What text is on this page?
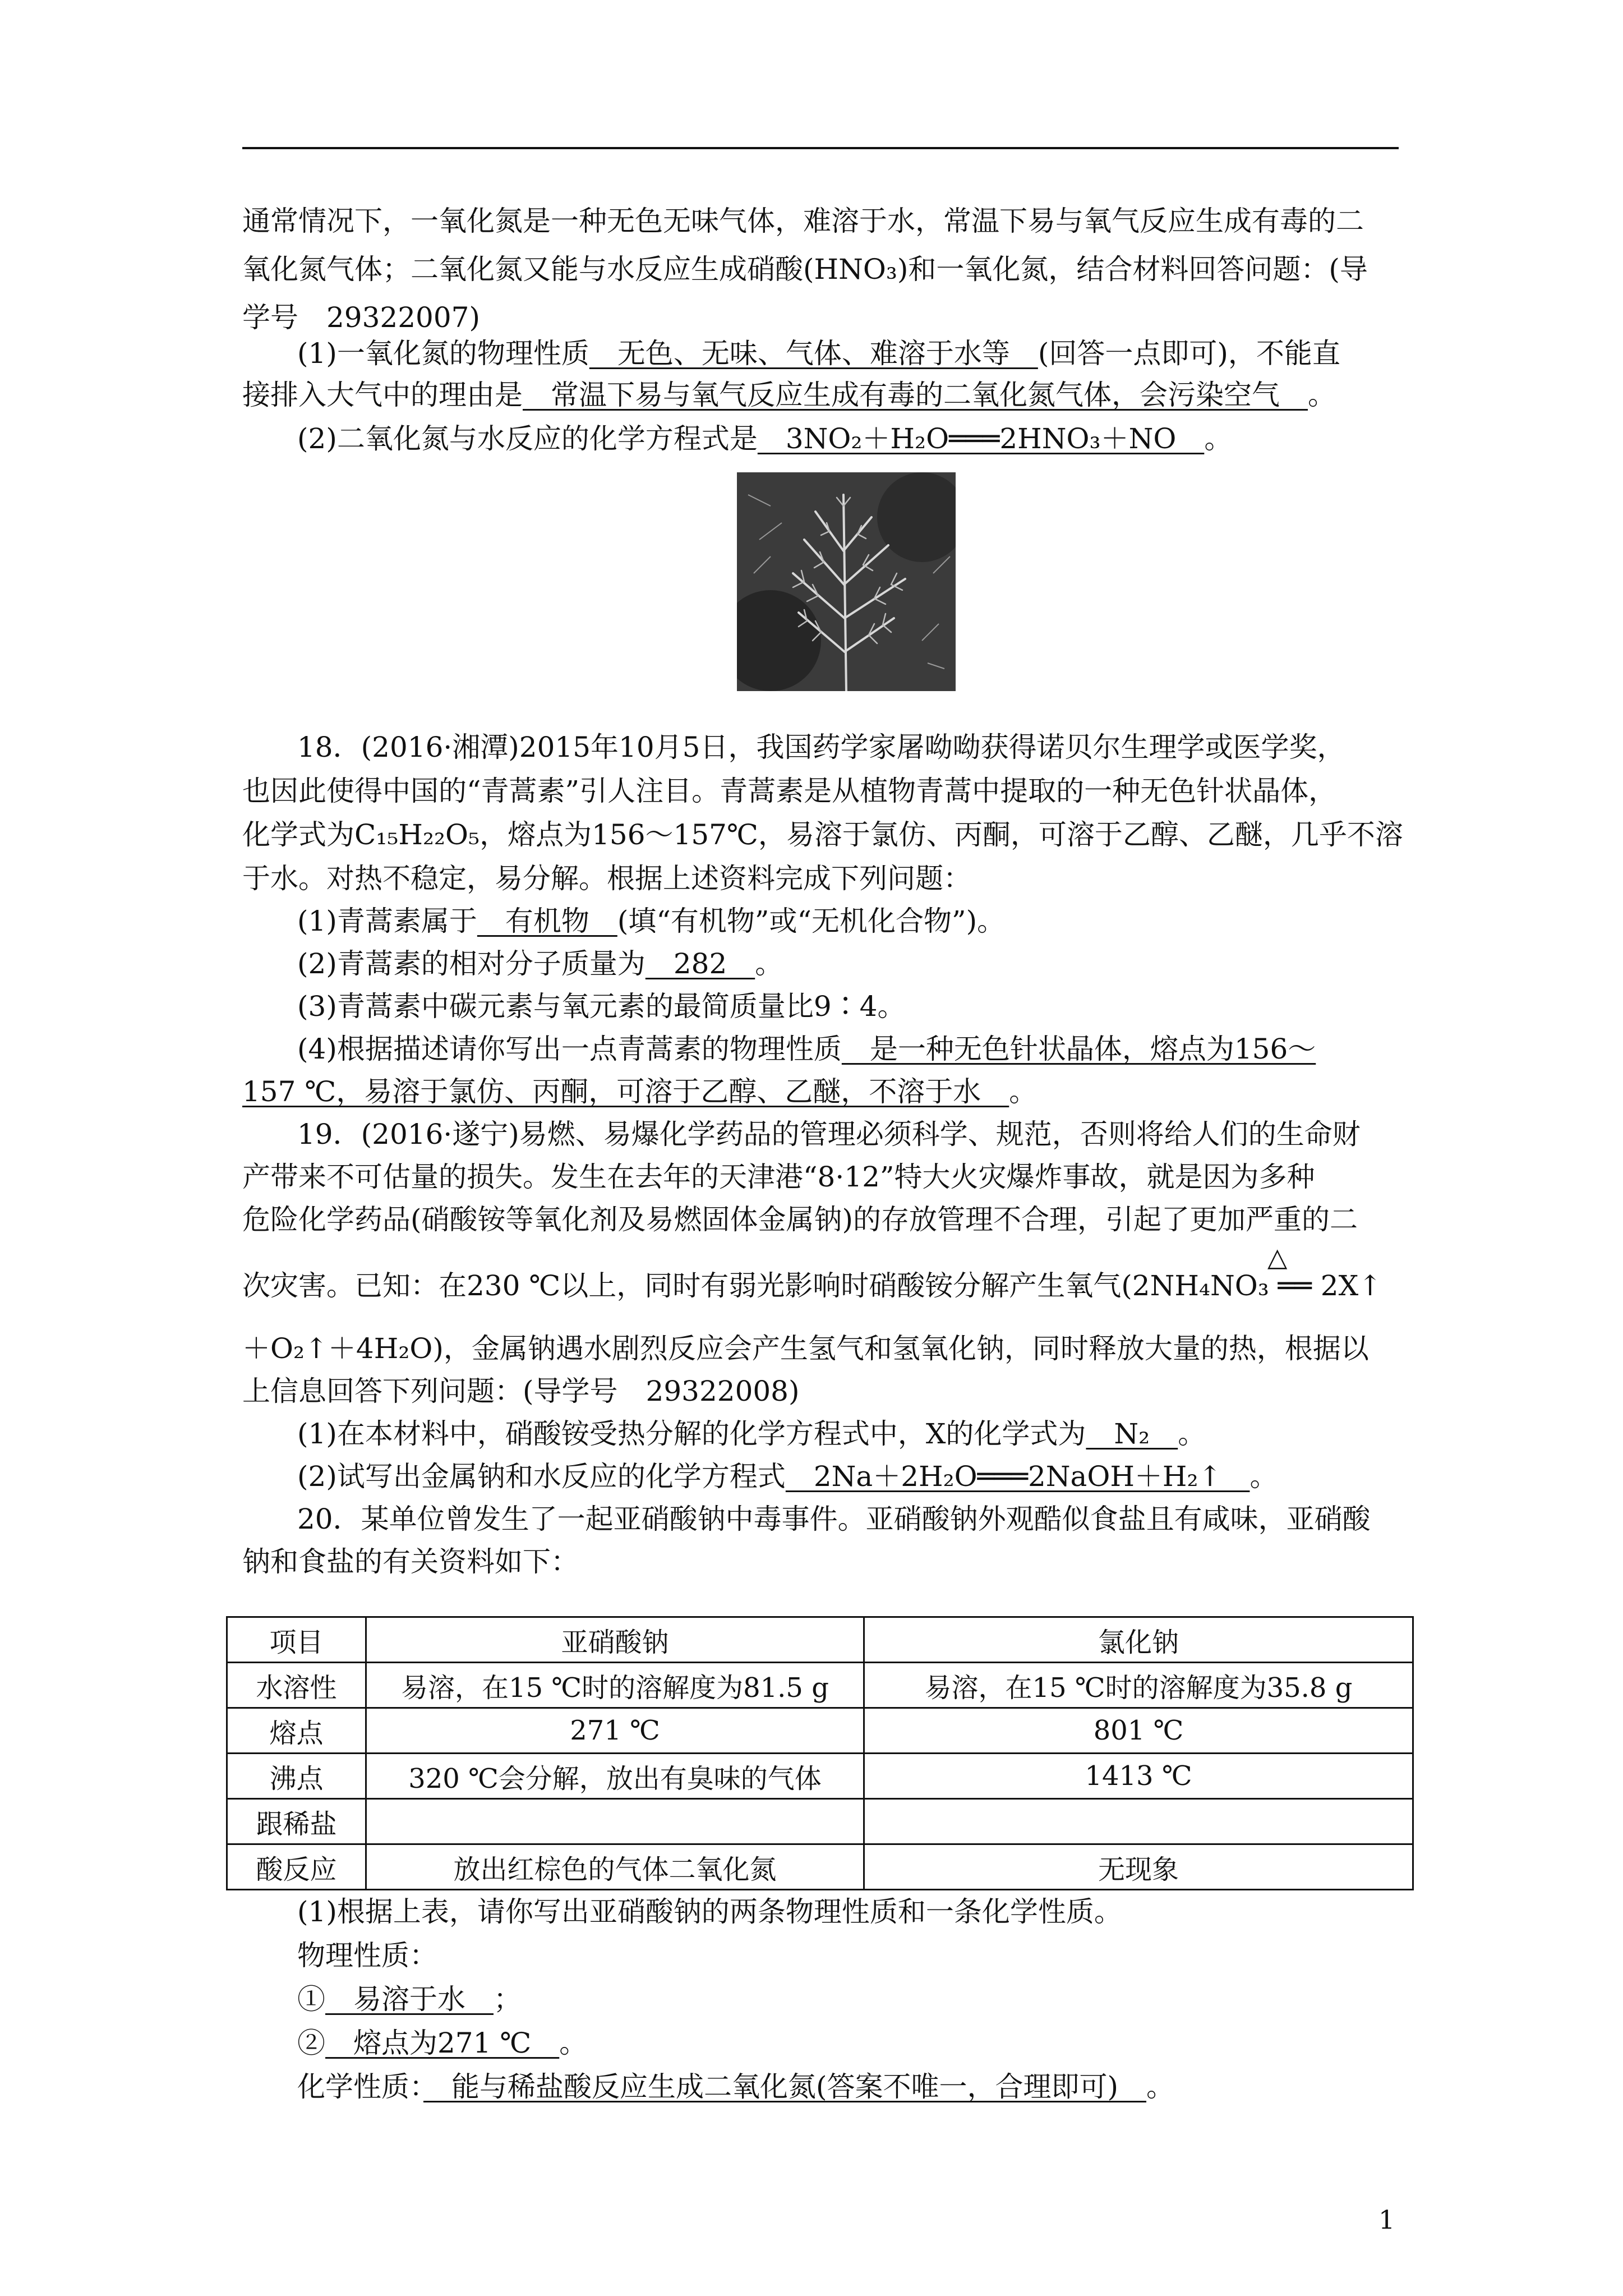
通常情况下，一氧化氮是一种无色无味气体，难溶于水，常温下易与氧气反应生成有毒的二
氧化氮气体；二氧化氮又能与水反应生成硝酸(HNO₃)和一氧化氮，结合材料回答问题：(导
学号　29322007)
(1)一氧化氮的物理性质　无色、无味、气体、难溶于水等　(回答一点即可)，不能直
接排入大气中的理由是　常温下易与氧气反应生成有毒的二氧化氮气体，会污染空气　。
(2)二氧化氮与水反应的化学方程式是　3NO₂＋H₂O═══2HNO₃＋NO　。
18．(2016·湘潭)2015年10月5日，我国药学家屠呦呦获得诺贝尔生理学或医学奖，
也因此使得中国的“青蒿素”引人注目。青蒿素是从植物青蒿中提取的一种无色针状晶体，
化学式为C₁₅H₂₂O₅，熔点为156～157℃，易溶于氯仿、丙酮，可溶于乙醇、乙醚，几乎不溶
于水。对热不稳定，易分解。根据上述资料完成下列问题：
(1)青蒿素属于　有机物　(填“有机物”或“无机化合物”)。
(2)青蒿素的相对分子质量为　282　。
(3)青蒿素中碳元素与氧元素的最简质量比9∶4。
(4)根据描述请你写出一点青蒿素的物理性质　是一种无色针状晶体，熔点为156～
157 ℃，易溶于氯仿、丙酮，可溶于乙醇、乙醚，不溶于水　。
19．(2016·遂宁)易燃、易爆化学药品的管理必须科学、规范，否则将给人们的生命财
产带来不可估量的损失。发生在去年的天津港“8·12”特大火灾爆炸事故，就是因为多种
危险化学药品(硝酸铵等氧化剂及易燃固体金属钠)的存放管理不合理，引起了更加严重的二
△
次灾害。已知：在230 ℃以上，同时有弱光影响时硝酸铵分解产生氧气(2NH₄NO₃ ══ 2X↑
＋O₂↑＋4H₂O)，金属钠遇水剧烈反应会产生氢气和氢氧化钠，同时释放大量的热，根据以
上信息回答下列问题：(导学号　29322008)
(1)在本材料中，硝酸铵受热分解的化学方程式中，X的化学式为　N₂　。
(2)试写出金属钠和水反应的化学方程式　2Na＋2H₂O═══2NaOH＋H₂↑　。
20．某单位曾发生了一起亚硝酸钠中毒事件。亚硝酸钠外观酷似食盐且有咸味，亚硝酸
钠和食盐的有关资料如下：
项目	亚硝酸钠	氯化钠
水溶性	易溶，在15 ℃时的溶解度为81.5 g	易溶，在15 ℃时的溶解度为35.8 g
熔点	271 ℃	801 ℃
沸点	320 ℃会分解，放出有臭味的气体	1413 ℃
跟稀盐		
酸反应	放出红棕色的气体二氧化氮	无现象
(1)根据上表，请你写出亚硝酸钠的两条物理性质和一条化学性质。
物理性质：
①　易溶于水　；
②　熔点为271 ℃　。
化学性质：　能与稀盐酸反应生成二氧化氮(答案不唯一，合理即可)　。
1
